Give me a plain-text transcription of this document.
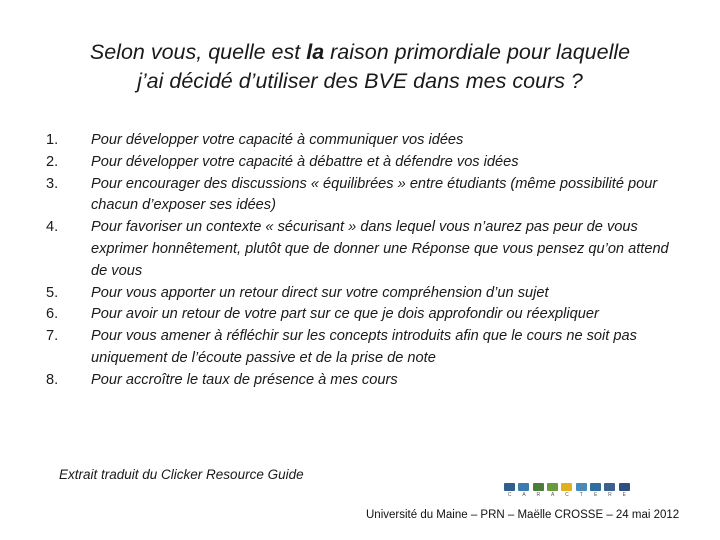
Selon vous, quelle est la raison primordiale pour laquelle
j’ai décidé d’utiliser des BVE dans mes cours ?
1.	Pour développer votre capacité à communiquer vos idées
2.	Pour développer votre capacité à débattre et à défendre vos idées
3.	Pour encourager des discussions « équilibrées » entre étudiants (même possibilité pour chacun d’exposer ses idées)
4.	Pour favoriser un contexte « sécurisant » dans lequel vous n’aurez pas peur de vous exprimer honnêtement, plutôt que de donner une Réponse que vous pensez qu’on attend de vous
5.	Pour vous apporter un retour direct sur votre compréhension d’un sujet
6.	Pour avoir un retour de votre part sur ce que je dois approfondir ou réexpliquer
7.	Pour vous amener à réfléchir sur les concepts introduits afin que le cours ne soit pas uniquement de l’écoute passive et de la prise de note
8.	Pour accroître le taux de présence à mes cours
Extrait traduit du Clicker Resource Guide
C A R A C T E R E
Université du Maine – PRN – Maëlle CROSSE – 24 mai 2012
